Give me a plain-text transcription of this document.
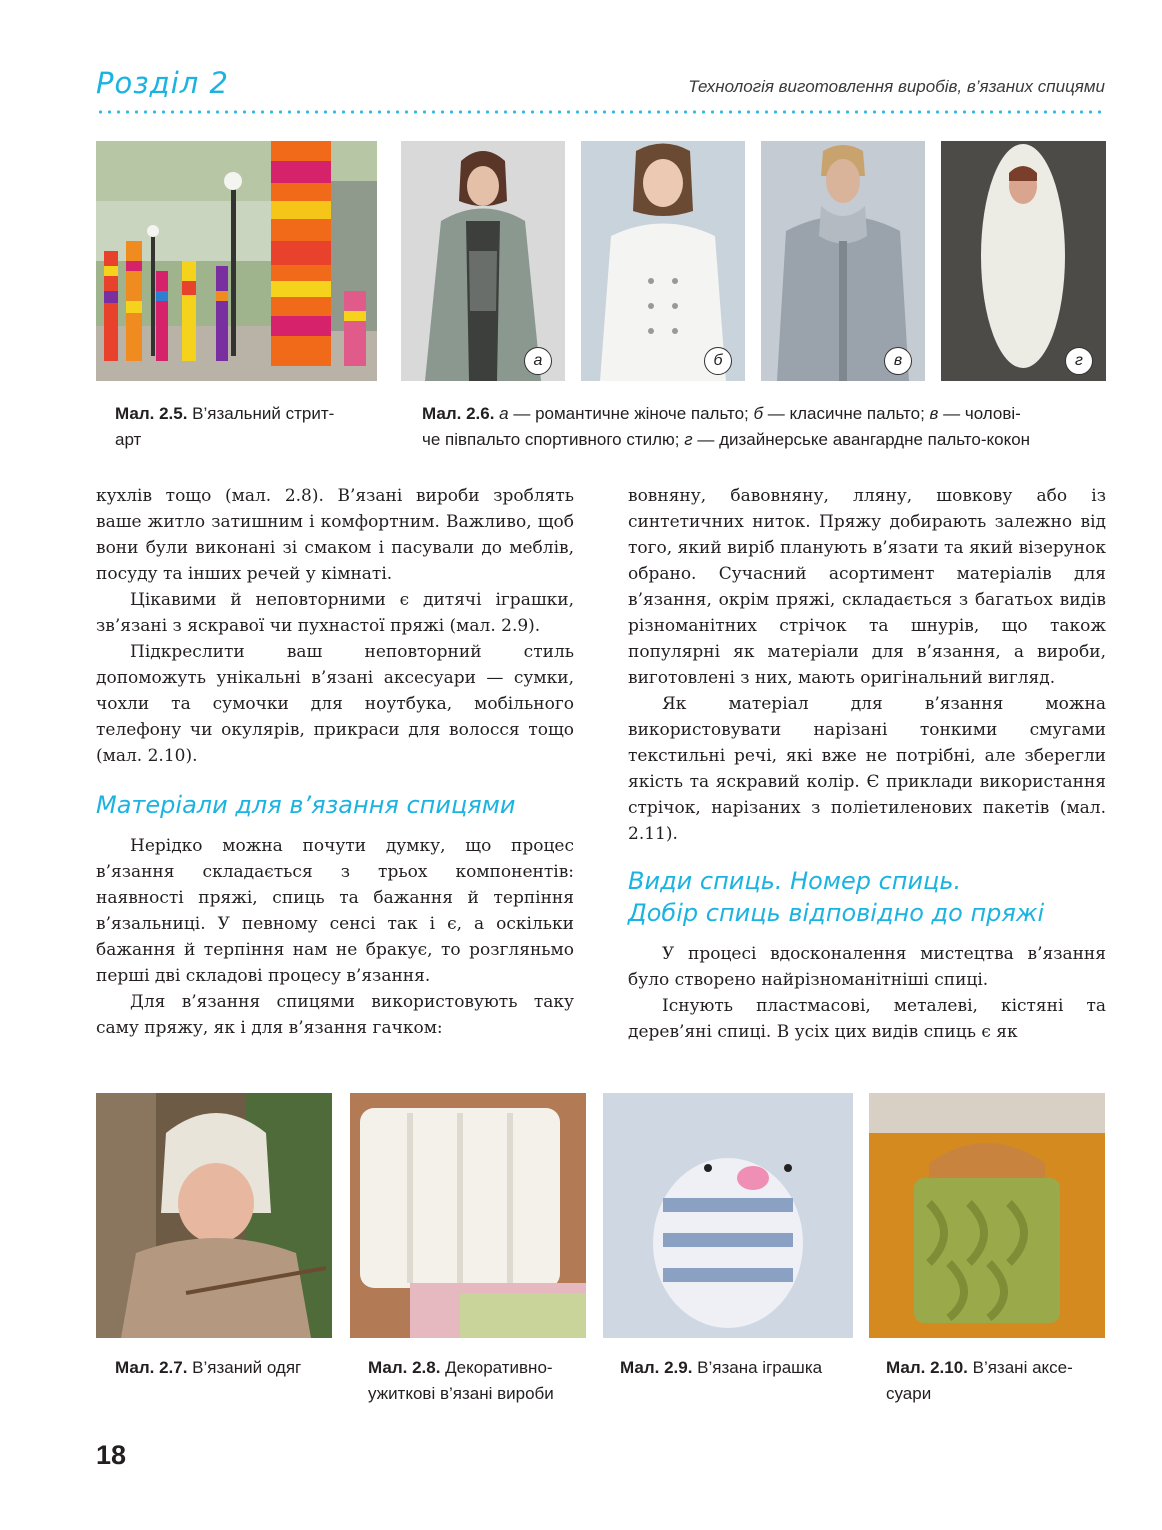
Розділ 2	Технологія виготовлення виробів, в’язаних спицями
а	б	в	г
Мал. 2.5. В’язальний стрит-
арт
Мал. 2.6. а — романтичне жіноче пальто; б — класичне пальто; в — чолові-
че півпальто спортивного стилю; г — дизайнерське авангардне пальто-кокон

кухлів тощо (мал. 2.8). В’язані вироби зроблять ваше житло затишним і комфортним. Важливо, щоб вони були виконані зі смаком і пасували до меблів, посуду та інших речей у кімнаті.

Цікавими й неповторними є дитячі іграшки, зв’язані з яскравої чи пухнастої пряжі (мал. 2.9).

Підкреслити ваш неповторний стиль допоможуть унікальні в’язані аксесуари — сумки, чохли та сумочки для ноутбука, мобільного телефону чи окулярів, прикраси для волосся тощо (мал. 2.10).

Матеріали для в’язання спицями

Нерідко можна почути думку, що процес в’язання складається з трьох компонентів: наявності пряжі, спиць та бажання й терпіння в’язальниці. У певному сенсі так і є, а оскільки бажання й терпіння нам не бракує, то розгляньмо перші дві складові процесу в’язання.

Для в’язання спицями використовують таку саму пряжу, як і для в’язання гачком:

вовняну, бавовняну, лляну, шовкову або із синтетичних ниток. Пряжу добирають залежно від того, який виріб планують в’язати та який візерунок обрано. Сучасний асортимент матеріалів для в’язання, окрім пряжі, складається з багатьох видів різноманітних стрічок та шнурів, що також популярні як матеріали для в’язання, а вироби, виготовлені з них, мають оригінальний вигляд.

Як матеріал для в’язання можна використовувати нарізані тонкими смугами текстильні речі, які вже не потрібні, але зберегли якість та яскравий колір. Є приклади використання стрічок, нарізаних з поліетиленових пакетів (мал. 2.11).

Види спиць. Номер спиць.
Добір спиць відповідно до пряжі

У процесі вдосконалення мистецтва в’язання було створено найрізноманітніші спиці.

Існують пластмасові, металеві, кістяні та дерев’яні спиці. В усіх цих видів спиць є як

Мал. 2.7. В’язаний одяг	Мал. 2.8. Декоративно-
ужиткові в’язані вироби
Мал. 2.9. В’язана іграшка	Мал. 2.10. В’язані аксе-
суари
18
